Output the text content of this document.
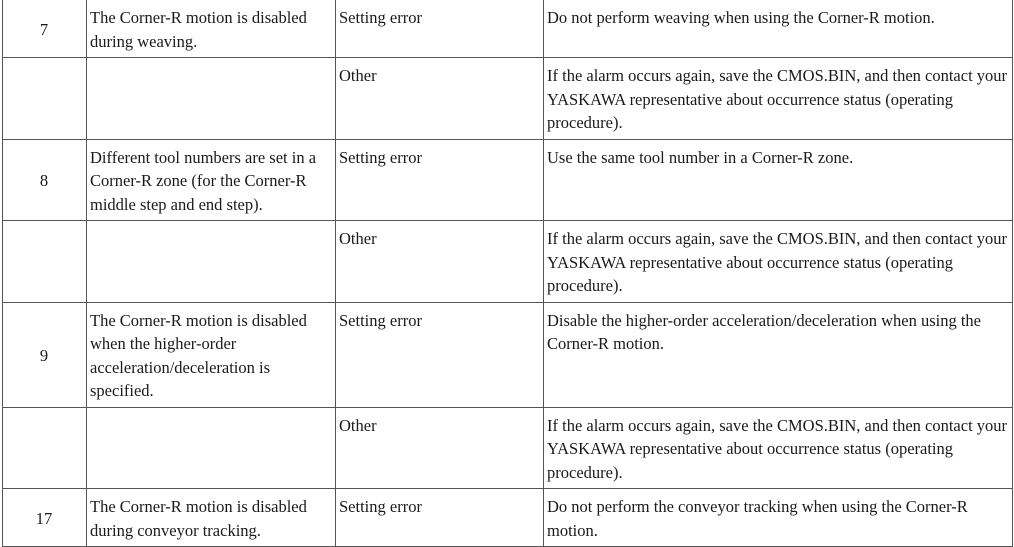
7	The Corner-R motion is disabled during weaving.	Setting error	Do not perform weaving when using the Corner-R motion.
		Other	If the alarm occurs again, save the CMOS.BIN, and then contact your YASKAWA representative about occurrence status (operating procedure).
8	Different tool numbers are set in a Corner-R zone (for the Corner-R middle step and end step).	Setting error	Use the same tool number in a Corner-R zone.
		Other	If the alarm occurs again, save the CMOS.BIN, and then contact your YASKAWA representative about occurrence status (operating procedure).
9	The Corner-R motion is disabled when the higher-order acceleration/deceleration is specified.	Setting error	Disable the higher-order acceleration/deceleration when using the Corner-R motion.
		Other	If the alarm occurs again, save the CMOS.BIN, and then contact your YASKAWA representative about occurrence status (operating procedure).
17	The Corner-R motion is disabled during conveyor tracking.	Setting error	Do not perform the conveyor tracking when using the Corner-R motion.
